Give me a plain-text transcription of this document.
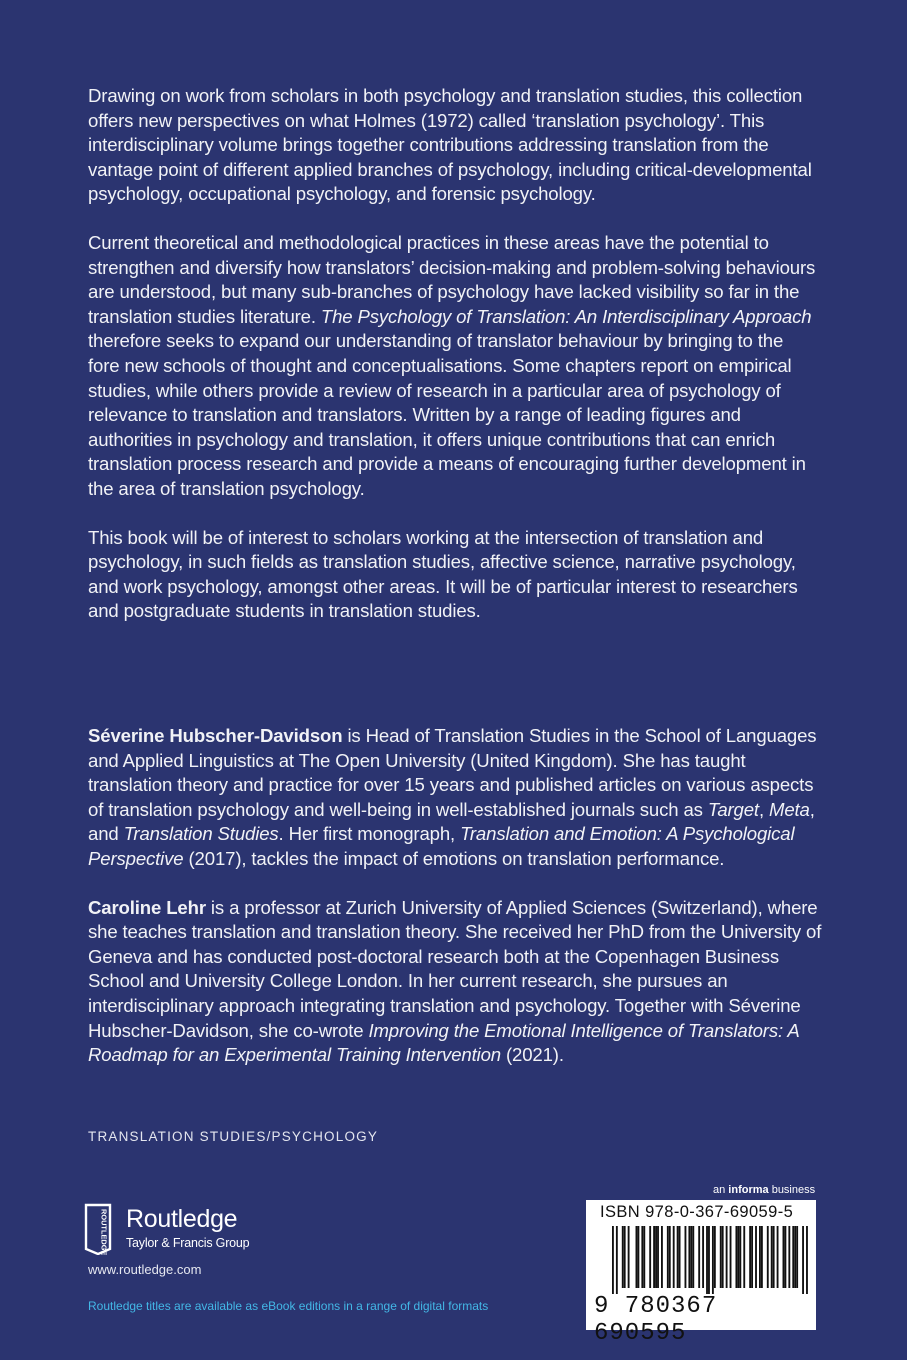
Drawing on work from scholars in both psychology and translation studies, this collection offers new perspectives on what Holmes (1972) called ‘translation psychology’. This interdisciplinary volume brings together contributions addressing translation from the vantage point of different applied branches of psychology, including critical-developmental psychology, occupational psychology, and forensic psychology.

Current theoretical and methodological practices in these areas have the potential to strengthen and diversify how translators’ decision-making and problem-solving behaviours are understood, but many sub-branches of psychology have lacked visibility so far in the translation studies literature. The Psychology of Translation: An Interdisciplinary Approach therefore seeks to expand our understanding of translator behaviour by bringing to the fore new schools of thought and conceptualisations. Some chapters report on empirical studies, while others provide a review of research in a particular area of psychology of relevance to translation and translators. Written by a range of leading figures and authorities in psychology and translation, it offers unique contributions that can enrich translation process research and provide a means of encouraging further development in the area of translation psychology.

This book will be of interest to scholars working at the intersection of translation and psychology, in such fields as translation studies, affective science, narrative psychology, and work psychology, amongst other areas. It will be of particular interest to researchers and postgraduate students in translation studies.

Séverine Hubscher-Davidson is Head of Translation Studies in the School of Languages and Applied Linguistics at The Open University (United Kingdom). She has taught translation theory and practice for over 15 years and published articles on various aspects of translation psychology and well-being in well-established journals such as Target, Meta, and Translation Studies. Her first monograph, Translation and Emotion: A Psychological Perspective (2017), tackles the impact of emotions on translation performance.

Caroline Lehr is a professor at Zurich University of Applied Sciences (Switzerland), where she teaches translation and translation theory. She received her PhD from the University of Geneva and has conducted post-doctoral research both at the Copenhagen Business School and University College London. In her current research, she pursues an interdisciplinary approach integrating translation and psychology. Together with Séverine Hubscher-Davidson, she co-wrote Improving the Emotional Intelligence of Translators: A Roadmap for an Experimental Training Intervention (2021).

TRANSLATION STUDIES/PSYCHOLOGY
ROUTLEDGE Routledge
Taylor & Francis Group
www.routledge.com
Routledge titles are available as eBook editions in a range of digital formats
an informa business
ISBN 978-0-367-69059-5
9 780367 690595
